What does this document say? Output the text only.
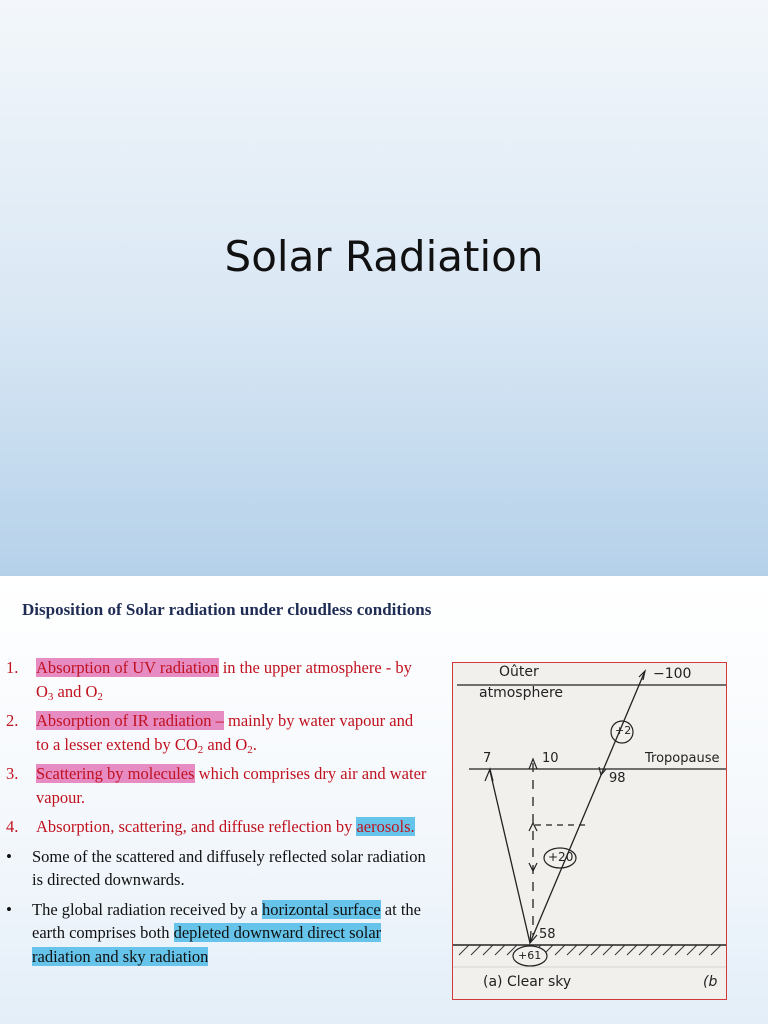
Solar Radiation
Disposition of Solar radiation under cloudless conditions
1. Absorption of UV radiation in the upper atmosphere - by $O_3$ and $O_2$
2. Absorption of IR radiation – mainly by water vapour and to a lesser extend by $CO_2$ and $O_2$.
3. Scattering by molecules which comprises dry air and water vapour.
4. Absorption, scattering, and diffuse reflection by aerosols.
• Some of the scattered and diffusely reflected solar radiation is directed downwards.
• The global radiation received by a horizontal surface at the earth comprises both depleted downward direct solar radiation and sky radiation
Oûter
atmosphere
−100
+2
Tropopause
7	10
98
+20
58
+61
(a) Clear sky	(b
